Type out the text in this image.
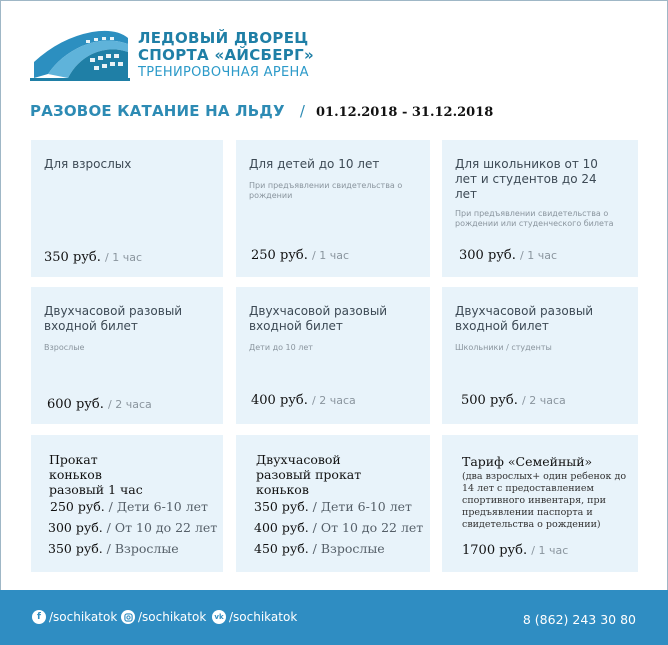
ЛЕДОВЫЙ ДВОРЕЦ
СПОРТА «АЙСБЕРГ»
ТРЕНИРОВОЧНАЯ АРЕНА
РАЗОВОЕ КАТАНИЕ НА ЛЬДУ / 01.12.2018 - 31.12.2018
Для взрослых
350 руб. / 1 час
Для детей до 10 лет
При предъявлении свидетельства о рождении
250 руб. / 1 час
Для школьников от 10 лет и студентов до 24 лет
При предъявлении свидетельства о рождении или студенческого билета
300 руб. / 1 час
Двухчасовой разовый входной билет
Взрослые
600 руб. / 2 часа
Двухчасовой разовый входной билет
Дети до 10 лет
400 руб. / 2 часа
Двухчасовой разовый входной билет
Школьники / студенты
500 руб. / 2 часа
Прокат коньков разовый 1 час
250 руб. / Дети 6-10 лет
300 руб. / От 10 до 22 лет
350 руб. / Взрослые
Двухчасовой разовый прокат коньков
350 руб. / Дети 6-10 лет
400 руб. / От 10 до 22 лет
450 руб. / Взрослые
Тариф «Семейный»
(два взрослых+ один ребенок до 14 лет с предоставлением спортивного инвентаря, при предъявлении паспорта и свидетельства о рождении)
1700 руб. / 1 час
f /sochikatok /sochikatok	vk /sochikatok	8 (862) 243 30 80
